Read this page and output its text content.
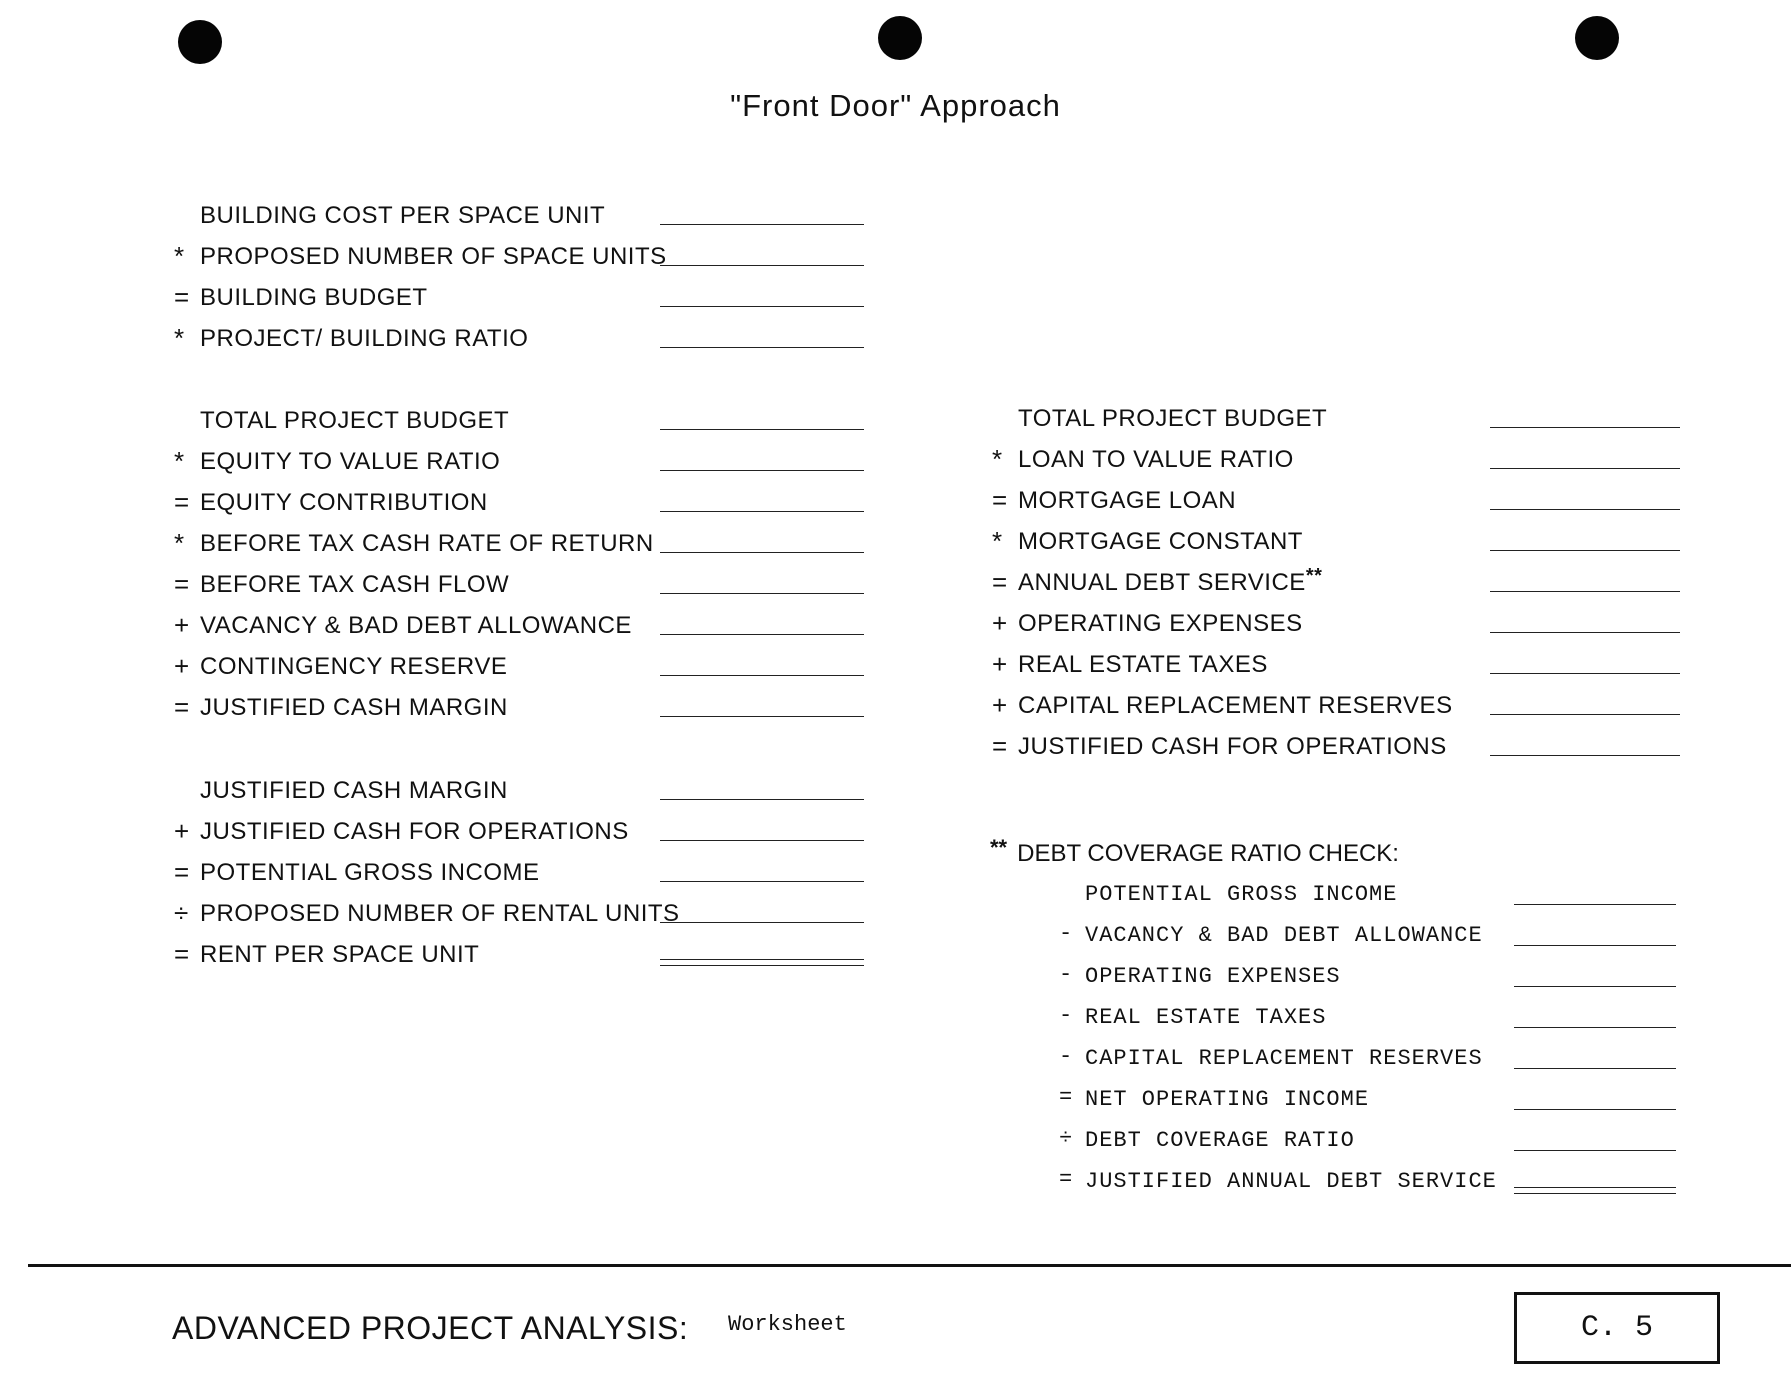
"Front Door" Approach
BUILDING COST PER SPACE UNIT
* PROPOSED NUMBER OF SPACE UNITS
= BUILDING BUDGET
* PROJECT/ BUILDING RATIO
TOTAL PROJECT BUDGET
* EQUITY TO VALUE RATIO
= EQUITY CONTRIBUTION
* BEFORE TAX CASH RATE OF RETURN
= BEFORE TAX CASH FLOW
+ VACANCY & BAD DEBT ALLOWANCE
+ CONTINGENCY RESERVE
= JUSTIFIED CASH MARGIN
JUSTIFIED CASH MARGIN
+ JUSTIFIED CASH FOR OPERATIONS
= POTENTIAL GROSS INCOME
÷ PROPOSED NUMBER OF RENTAL UNITS
= RENT PER SPACE UNIT
TOTAL PROJECT BUDGET
* LOAN TO VALUE RATIO
= MORTGAGE LOAN
* MORTGAGE CONSTANT
= ANNUAL DEBT SERVICE**
+ OPERATING EXPENSES
+ REAL ESTATE TAXES
+ CAPITAL REPLACEMENT RESERVES
= JUSTIFIED CASH FOR OPERATIONS
** DEBT COVERAGE RATIO CHECK:
POTENTIAL GROSS INCOME
- VACANCY & BAD DEBT ALLOWANCE
- OPERATING EXPENSES
- REAL ESTATE TAXES
- CAPITAL REPLACEMENT RESERVES
= NET OPERATING INCOME
÷ DEBT COVERAGE RATIO
= JUSTIFIED ANNUAL DEBT SERVICE
ADVANCED PROJECT ANALYSIS: Worksheet	C. 5
